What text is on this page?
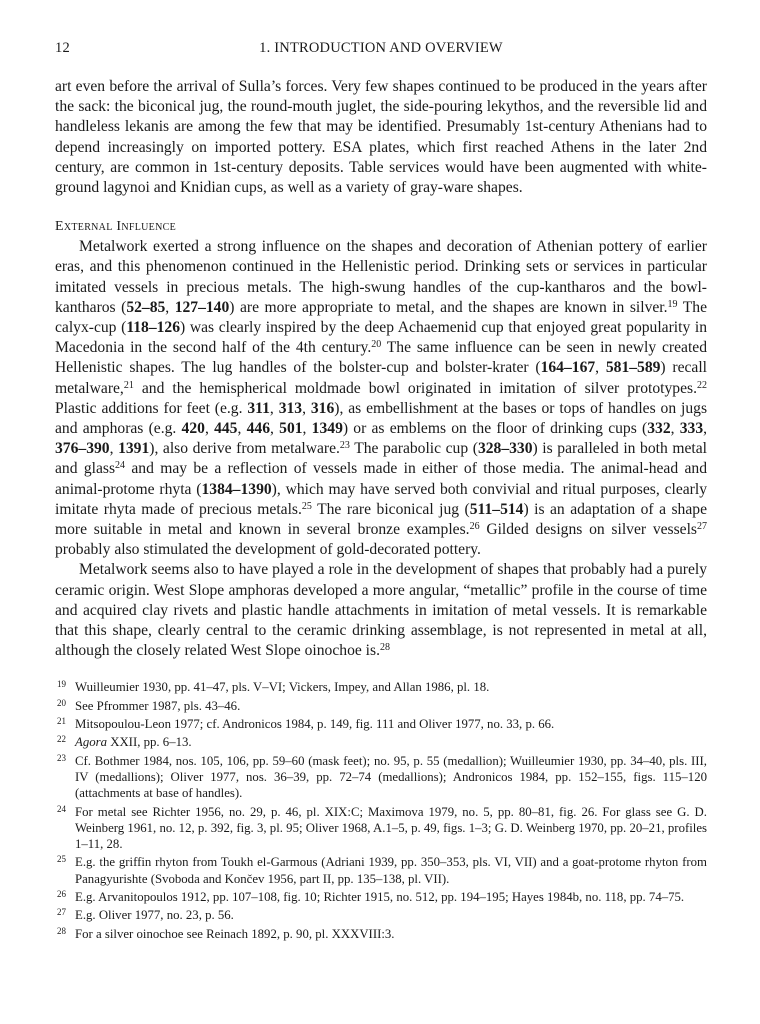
12	1. INTRODUCTION AND OVERVIEW

art even before the arrival of Sulla’s forces. Very few shapes continued to be produced in the years after the sack: the biconical jug, the round-mouth juglet, the side-pouring lekythos, and the reversible lid and handleless lekanis are among the few that may be identified. Presumably 1st-century Athenians had to depend increasingly on imported pottery. ESA plates, which first reached Athens in the later 2nd century, are common in 1st-century deposits. Table services would have been augmented with white-ground lagynoi and Knidian cups, as well as a variety of gray-ware shapes.

External Influence

Metalwork exerted a strong influence on the shapes and decoration of Athenian pottery of earlier eras, and this phenomenon continued in the Hellenistic period. Drinking sets or services in particular imitated vessels in precious metals. The high-swung handles of the cup-kantharos and the bowl-kantharos (52–85, 127–140) are more appropriate to metal, and the shapes are known in silver.$^{19}$ The calyx-cup (118–126) was clearly inspired by the deep Achaemenid cup that enjoyed great popularity in Macedonia in the second half of the 4th century.$^{20}$ The same influence can be seen in newly created Hellenistic shapes. The lug handles of the bolster-cup and bolster-krater (164–167, 581–589) recall metalware,$^{21}$ and the hemispherical moldmade bowl originated in imitation of silver prototypes.$^{22}$ Plastic additions for feet (e.g. 311, 313, 316), as embellishment at the bases or tops of handles on jugs and amphoras (e.g. 420, 445, 446, 501, 1349) or as emblems on the floor of drinking cups (332, 333, 376–390, 1391), also derive from metalware.$^{23}$ The parabolic cup (328–330) is paralleled in both metal and glass$^{24}$ and may be a reflection of vessels made in either of those media. The animal-head and animal-protome rhyta (1384–1390), which may have served both convivial and ritual purposes, clearly imitate rhyta made of precious metals.$^{25}$ The rare biconical jug (511–514) is an adaptation of a shape more suitable in metal and known in several bronze examples.$^{26}$ Gilded designs on silver vessels$^{27}$ probably also stimulated the development of gold-decorated pottery.

Metalwork seems also to have played a role in the development of shapes that probably had a purely ceramic origin. West Slope amphoras developed a more angular, “metallic” profile in the course of time and acquired clay rivets and plastic handle attachments in imitation of metal vessels. It is remarkable that this shape, clearly central to the ceramic drinking assemblage, is not represented in metal at all, although the closely related West Slope oinochoe is.$^{28}$

19 Wuilleumier 1930, pp. 41–47, pls. V–VI; Vickers, Impey, and Allan 1986, pl. 18.
20 See Pfrommer 1987, pls. 43–46.
21 Mitsopoulou-Leon 1977; cf. Andronicos 1984, p. 149, fig. 111 and Oliver 1977, no. 33, p. 66.
22 Agora XXII, pp. 6–13.
23 Cf. Bothmer 1984, nos. 105, 106, pp. 59–60 (mask feet); no. 95, p. 55 (medallion); Wuilleumier 1930, pp. 34–40, pls. III, IV (medallions); Oliver 1977, nos. 36–39, pp. 72–74 (medallions); Andronicos 1984, pp. 152–155, figs. 115–120 (attachments at base of handles).
24 For metal see Richter 1956, no. 29, p. 46, pl. XIX:C; Maximova 1979, no. 5, pp. 80–81, fig. 26. For glass see G. D. Weinberg 1961, no. 12, p. 392, fig. 3, pl. 95; Oliver 1968, A.1–5, p. 49, figs. 1–3; G. D. Weinberg 1970, pp. 20–21, profiles 1–11, 28.
25 E.g. the griffin rhyton from Toukh el-Garmous (Adriani 1939, pp. 350–353, pls. VI, VII) and a goat-protome rhyton from Panagyurishte (Svoboda and Končev 1956, part II, pp. 135–138, pl. VII).
26 E.g. Arvanitopoulos 1912, pp. 107–108, fig. 10; Richter 1915, no. 512, pp. 194–195; Hayes 1984b, no. 118, pp. 74–75.
27 E.g. Oliver 1977, no. 23, p. 56.
28 For a silver oinochoe see Reinach 1892, p. 90, pl. XXXVIII:3.
